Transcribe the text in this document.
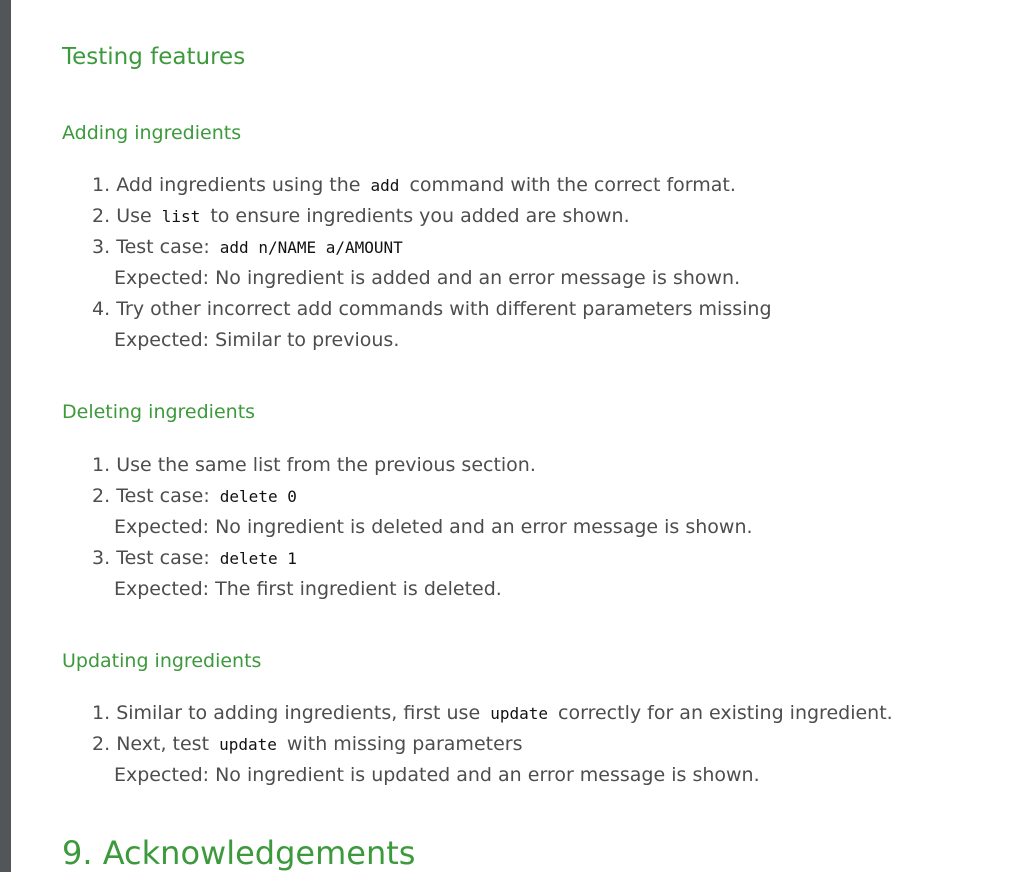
Testing features
Adding ingredients
1. Add ingredients using the add command with the correct format.
2. Use list to ensure ingredients you added are shown.
3. Test case: add n/NAME a/AMOUNT
Expected: No ingredient is added and an error message is shown.
4. Try other incorrect add commands with different parameters missing
Expected: Similar to previous.
Deleting ingredients
1. Use the same list from the previous section.
2. Test case: delete 0
Expected: No ingredient is deleted and an error message is shown.
3. Test case: delete 1
Expected: The first ingredient is deleted.
Updating ingredients
1. Similar to adding ingredients, first use update correctly for an existing ingredient.
2. Next, test update with missing parameters
Expected: No ingredient is updated and an error message is shown.
9. Acknowledgements
